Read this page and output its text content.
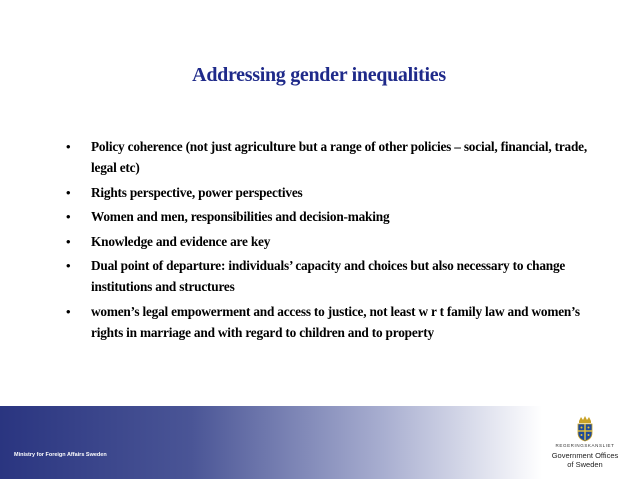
Addressing gender inequalities
• Policy coherence (not just agriculture but a range of other policies – social, financial, trade, legal etc)
• Rights perspective, power perspectives
• Women and men, responsibilities and decision-making
• Knowledge and evidence are key
• Dual point of departure: individuals’ capacity and choices but also necessary to change institutions and structures
• women’s legal empowerment and access to justice, not least w r t family law and women’s rights in marriage and with regard to children and to property
Ministry for Foreign Affairs Sweden
REGERINGSKANSLIET
Government Offices
of Sweden
